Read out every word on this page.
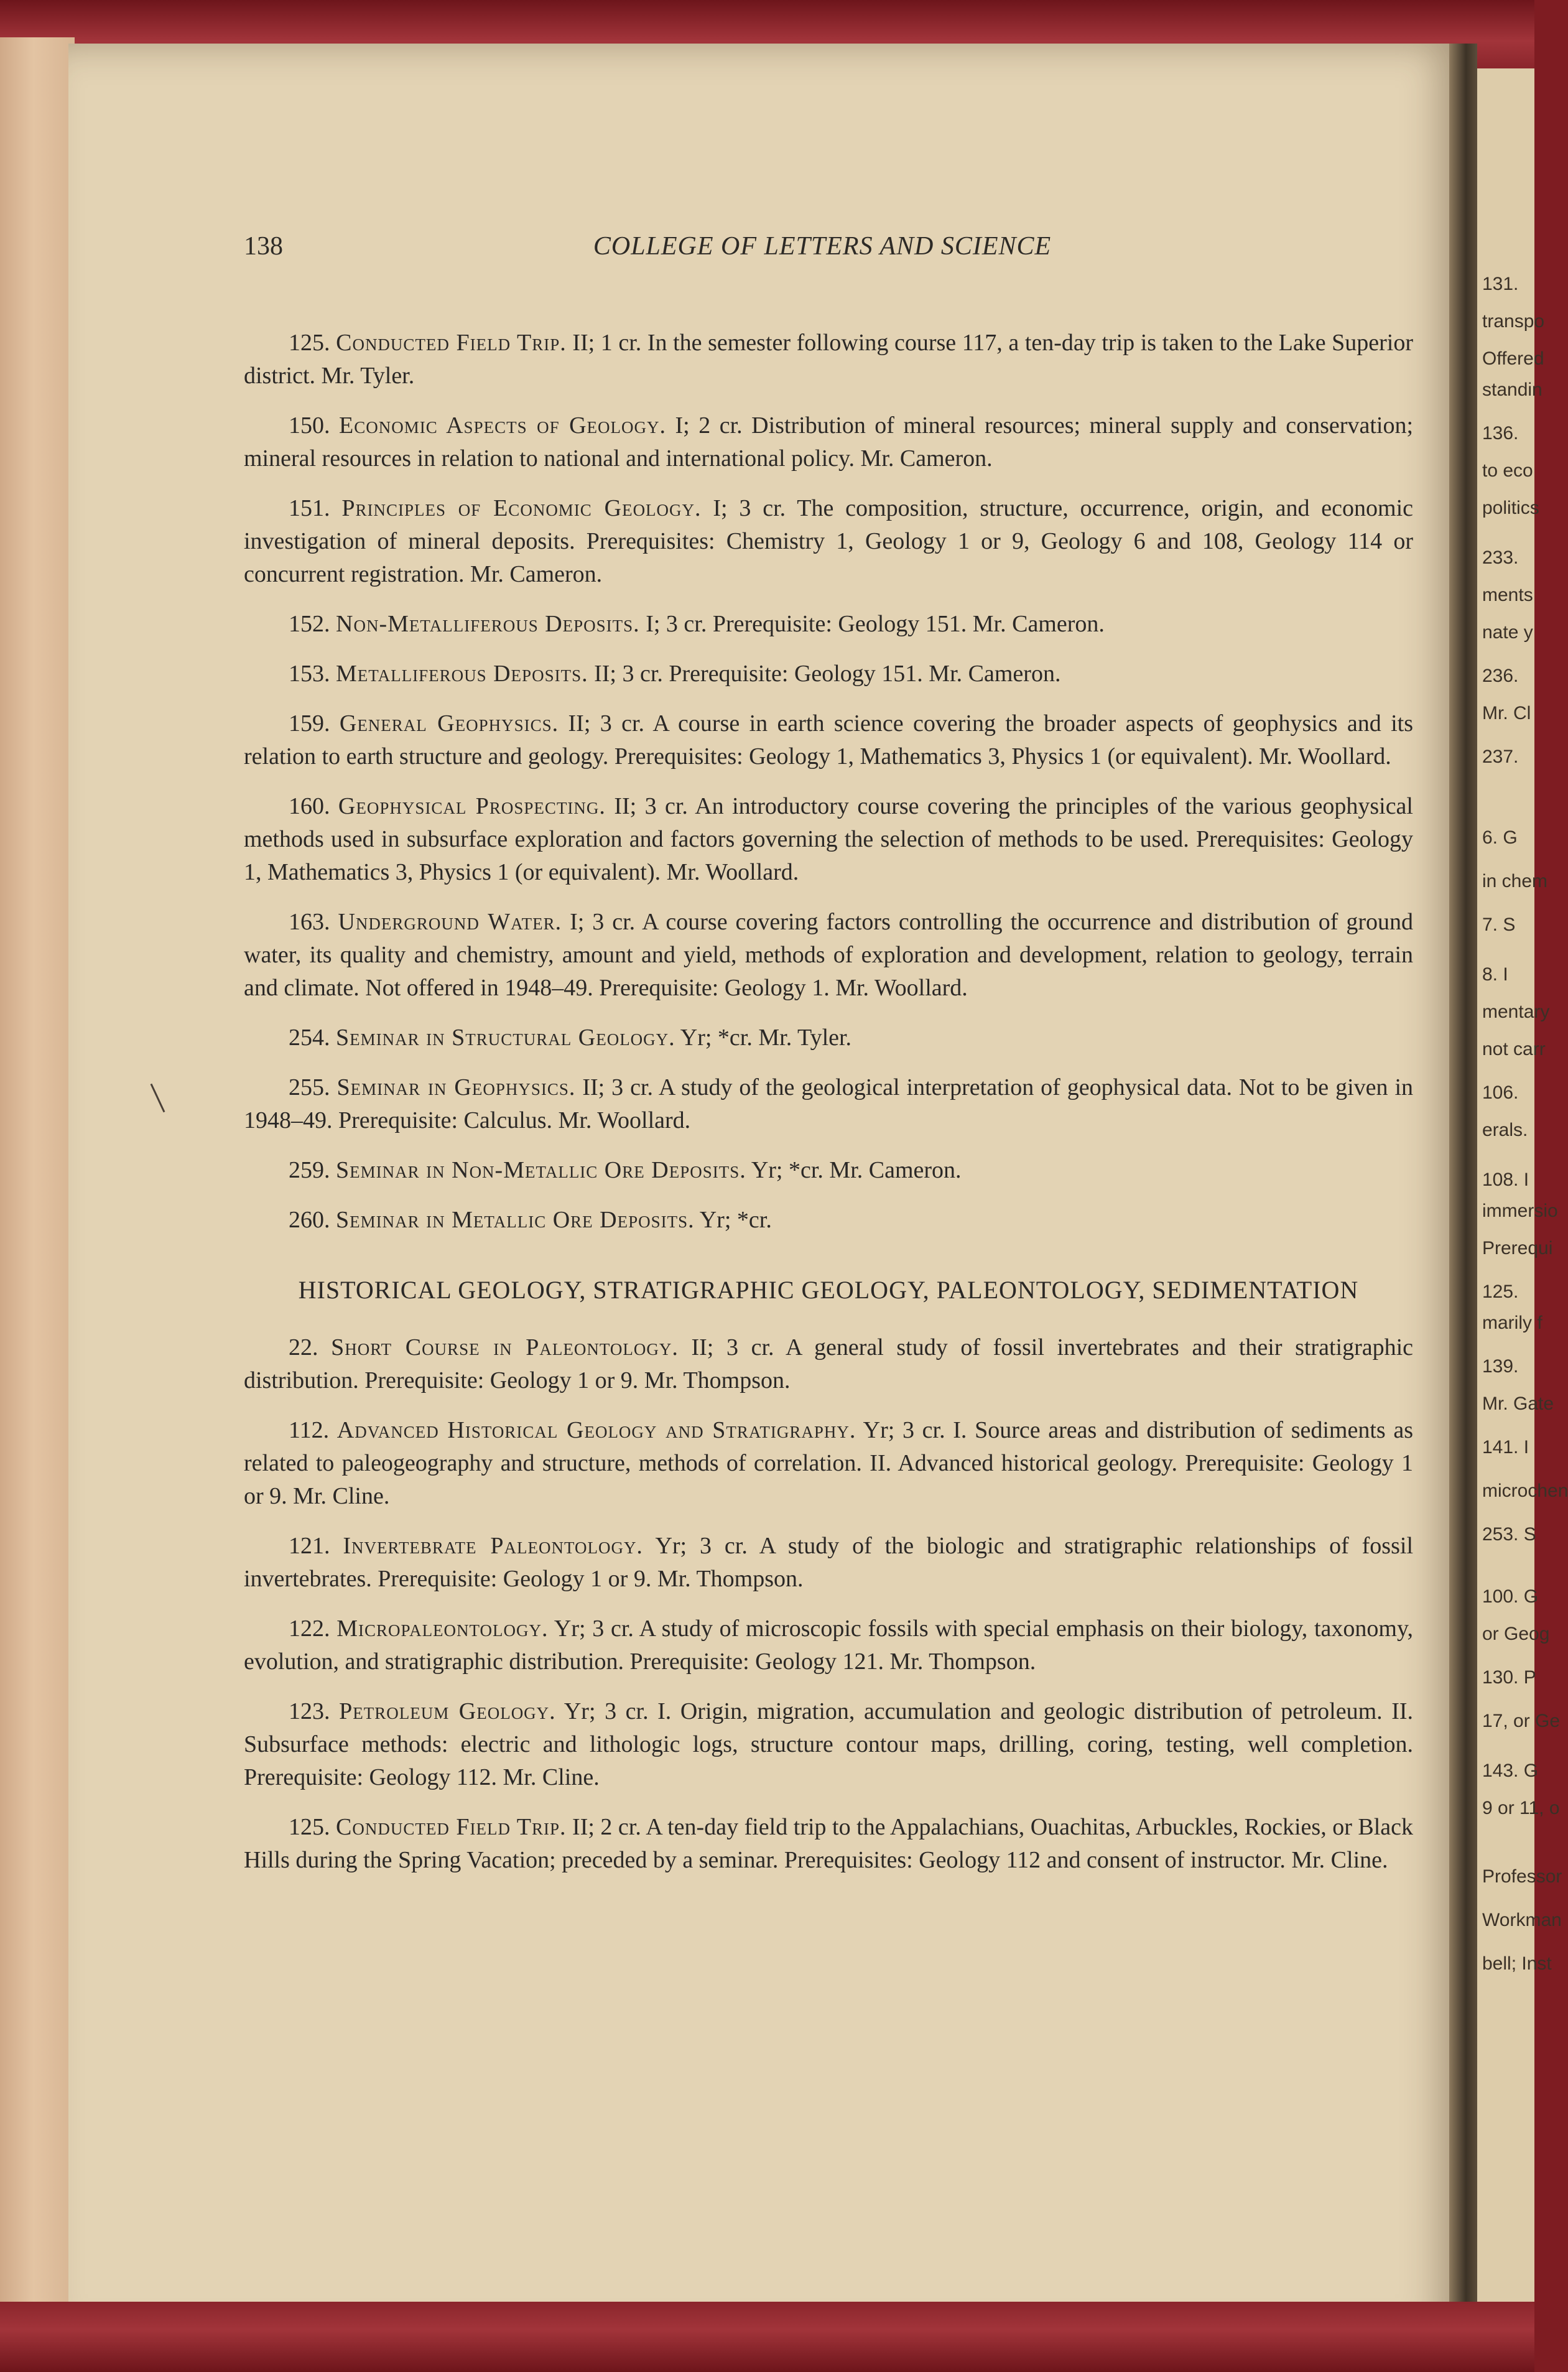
131.
transpo
Offered
standin
136.
to eco
politics
233.
ments
nate y
236.
Mr. Cl
237.
6. G
in chem
7. S
8. I
mentary
not carr
106.
erals.
108. I
immersio
Prerequi
125.
marily f
139.
Mr. Gate
141. I
microchen
253. S
100. G
or Geog
130. P
17, or Ge
143. G
9 or 11, o
Professor
Workman
bell; Inst
138	COLLEGE OF LETTERS AND SCIENCE

125. Conducted Field Trip. II; 1 cr. In the semester following course 117, a ten-day trip is taken to the Lake Superior district. Mr. Tyler.

150. Economic Aspects of Geology. I; 2 cr. Distribution of mineral resources; mineral supply and conservation; mineral resources in relation to national and international policy. Mr. Cameron.

151. Principles of Economic Geology. I; 3 cr. The composition, structure, occurrence, origin, and economic investigation of mineral deposits. Prerequisites: Chemistry 1, Geology 1 or 9, Geology 6 and 108, Geology 114 or concurrent registration. Mr. Cameron.

152. Non-Metalliferous Deposits. I; 3 cr. Prerequisite: Geology 151. Mr. Cameron.

153. Metalliferous Deposits. II; 3 cr. Prerequisite: Geology 151. Mr. Cameron.

159. General Geophysics. II; 3 cr. A course in earth science covering the broader aspects of geophysics and its relation to earth structure and geology. Prerequisites: Geology 1, Mathematics 3, Physics 1 (or equivalent). Mr. Woollard.

160. Geophysical Prospecting. II; 3 cr. An introductory course covering the principles of the various geophysical methods used in subsurface exploration and factors governing the selection of methods to be used. Prerequisites: Geology 1, Mathematics 3, Physics 1 (or equivalent). Mr. Woollard.

163. Underground Water. I; 3 cr. A course covering factors controlling the occurrence and distribution of ground water, its quality and chemistry, amount and yield, methods of exploration and development, relation to geology, terrain and climate. Not offered in 1948–49. Prerequisite: Geology 1. Mr. Woollard.

254. Seminar in Structural Geology. Yr; *cr. Mr. Tyler.

255. Seminar in Geophysics. II; 3 cr. A study of the geological interpretation of geophysical data. Not to be given in 1948–49. Prerequisite: Calculus. Mr. Woollard.

259. Seminar in Non-Metallic Ore Deposits. Yr; *cr. Mr. Cameron.

260. Seminar in Metallic Ore Deposits. Yr; *cr.

HISTORICAL GEOLOGY, STRATIGRAPHIC GEOLOGY, PALEONTOLOGY, SEDIMENTATION

22. Short Course in Paleontology. II; 3 cr. A general study of fossil invertebrates and their stratigraphic distribution. Prerequisite: Geology 1 or 9. Mr. Thompson.

112. Advanced Historical Geology and Stratigraphy. Yr; 3 cr. I. Source areas and distribution of sediments as related to paleogeography and structure, methods of correlation. II. Advanced historical geology. Prerequisite: Geology 1 or 9. Mr. Cline.

121. Invertebrate Paleontology. Yr; 3 cr. A study of the biologic and stratigraphic relationships of fossil invertebrates. Prerequisite: Geology 1 or 9. Mr. Thompson.

122. Micropaleontology. Yr; 3 cr. A study of microscopic fossils with special emphasis on their biology, taxonomy, evolution, and stratigraphic distribution. Prerequisite: Geology 121. Mr. Thompson.

123. Petroleum Geology. Yr; 3 cr. I. Origin, migration, accumulation and geologic distribution of petroleum. II. Subsurface methods: electric and lithologic logs, structure contour maps, drilling, coring, testing, well completion. Prerequisite: Geology 112. Mr. Cline.

125. Conducted Field Trip. II; 2 cr. A ten-day field trip to the Appalachians, Ouachitas, Arbuckles, Rockies, or Black Hills during the Spring Vacation; preceded by a seminar. Prerequisites: Geology 112 and consent of instructor. Mr. Cline.
